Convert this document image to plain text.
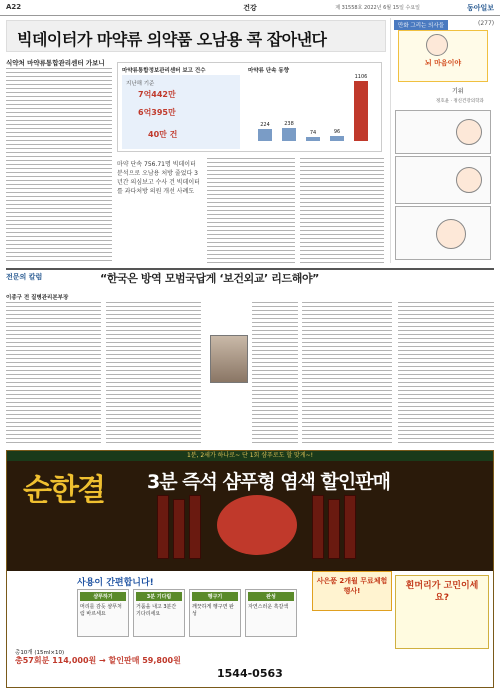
A22	건강	제 31558호 2022년 6월 15일 수요일	동아일보
빅데이터가 마약류 의약품 오남용 콕 잡아낸다
식약처 마약류통합관리센터 가보니
마약류통합정보관리센터 보고 건수
지난해 기준
7억442만
6억395만
40만 건
마약류 단속 동향
224	238
74	96
1106
마약 단속 756.71명 빅데이터분석으로 오남용 처방 줄었다 3년간 의심보고 수사 건 빅데이터를 과다처방 의원 개선 사례도
만화 그리는 의사들	(277)
뇌 마음이야
기위
정호윤 · 정신건강의학과
전문의 칼럼	“한국은 방역 모범국답게 ‘보건외교’ 리드해야”
이종구 전 질병관리본부장
1분, 2세가 하나로~ 단 1회 샴푸로도 할 맞게~!
순한결 3분 즉석 샴푸형 염색 할인판매
사용이 간편합니다!
샴푸하기
머리를 감듯 샴푸처럼 바르세요
3분 기다림
거품을 내고 3분간 기다리세요
헹구기
깨끗하게 헹구면 완성
완성
자연스러운 흑갈색
총10개 (15ml×10)
총57회분 114,000원 → 할인판매 59,800원
1544-0563
사은품 2개월 무료체험 행사!	흰머리가 고민이세요?
